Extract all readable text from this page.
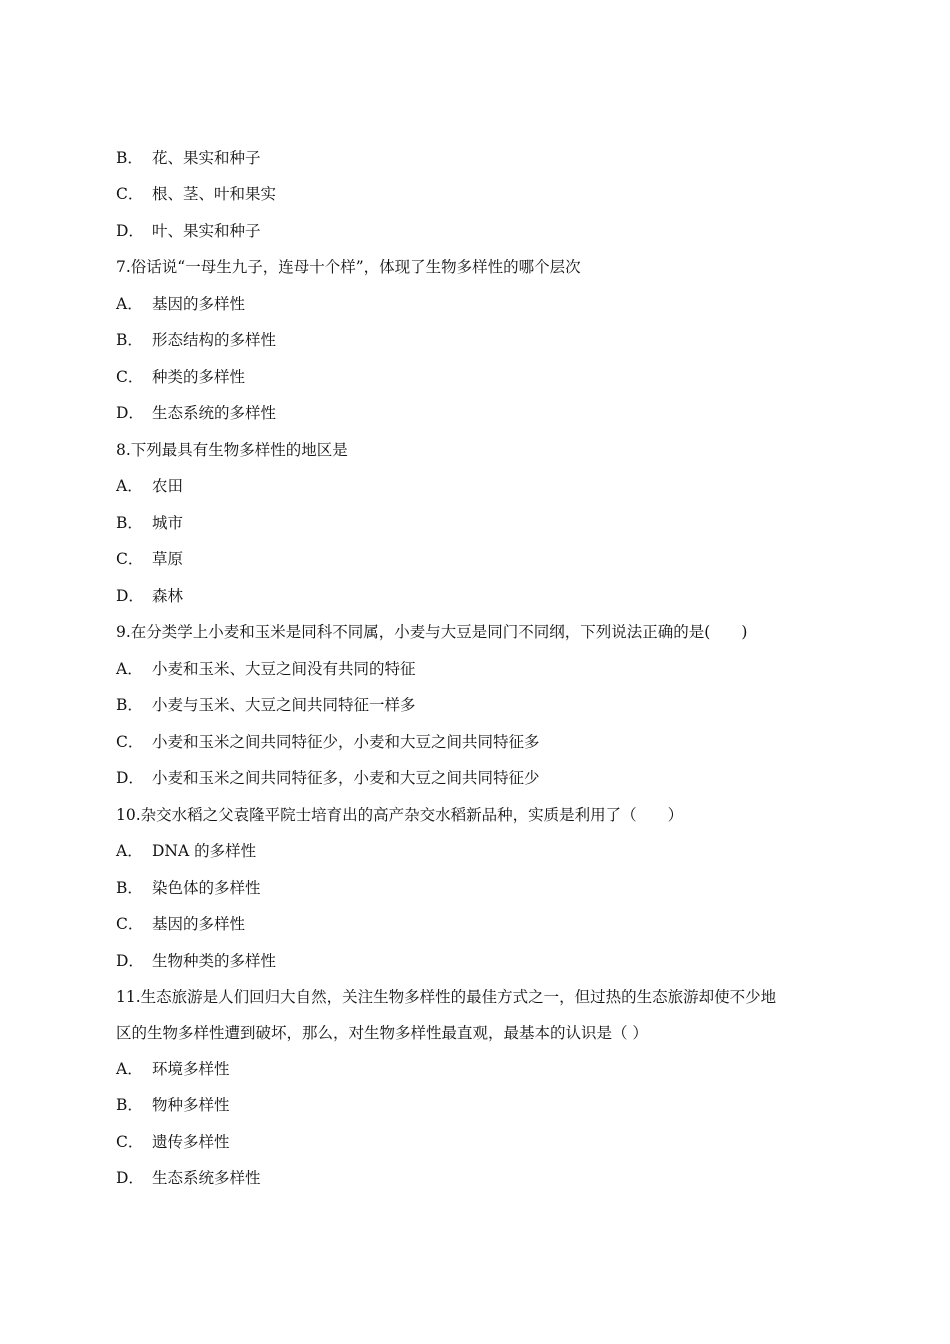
B． 花、果实和种子
C． 根、茎、叶和果实
D． 叶、果实和种子
7.俗话说“一母生九子，连母十个样”，体现了生物多样性的哪个层次
A． 基因的多样性
B． 形态结构的多样性
C． 种类的多样性
D． 生态系统的多样性
8.下列最具有生物多样性的地区是
A． 农田
B． 城市
C． 草原
D． 森林
9.在分类学上小麦和玉米是同科不同属，小麦与大豆是同门不同纲，下列说法正确的是(　　)
A． 小麦和玉米、大豆之间没有共同的特征
B． 小麦与玉米、大豆之间共同特征一样多
C． 小麦和玉米之间共同特征少，小麦和大豆之间共同特征多
D． 小麦和玉米之间共同特征多，小麦和大豆之间共同特征少
10.杂交水稻之父袁隆平院士培育出的高产杂交水稻新品种，实质是利用了（　　）
A． DNA 的多样性
B． 染色体的多样性
C． 基因的多样性
D． 生物种类的多样性
11.生态旅游是人们回归大自然，关注生物多样性的最佳方式之一，但过热的生态旅游却使不少地
区的生物多样性遭到破坏，那么，对生物多样性最直观，最基本的认识是（ ）
A． 环境多样性
B． 物种多样性
C． 遗传多样性
D． 生态系统多样性
